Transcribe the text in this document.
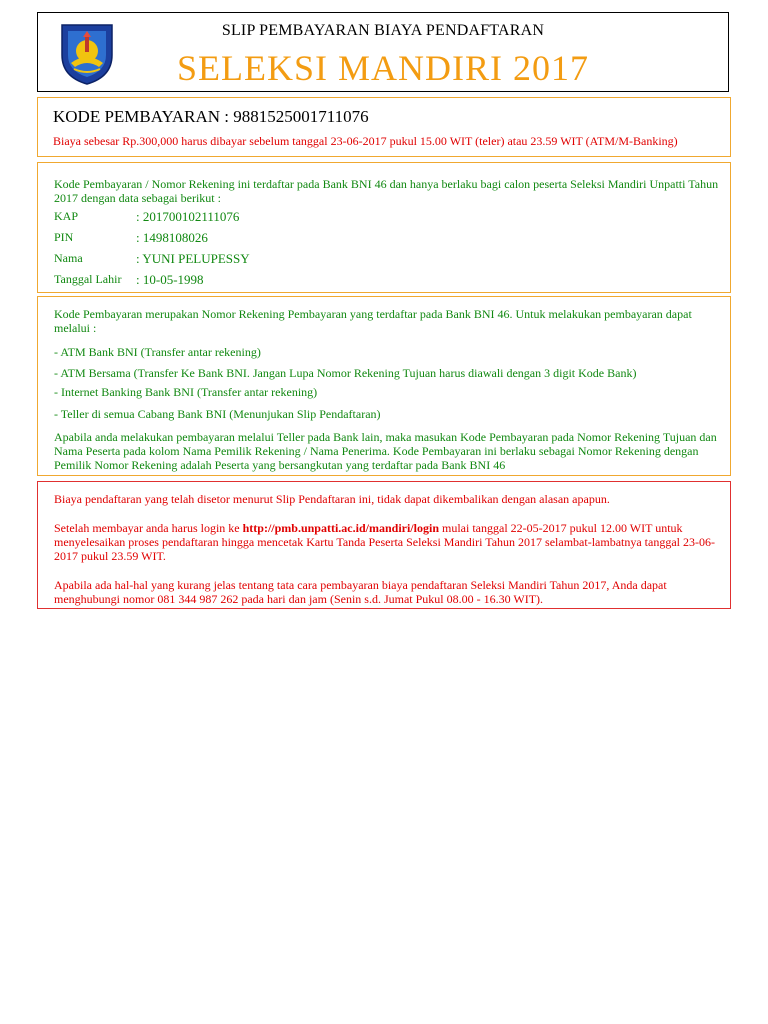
SLIP PEMBAYARAN BIAYA PENDAFTARAN
SELEKSI MANDIRI 2017
KODE PEMBAYARAN : 9881525001711076
Biaya sebesar Rp.300,000 harus dibayar sebelum tanggal 23-06-2017 pukul 15.00 WIT (teler) atau 23.59 WIT (ATM/M-Banking)
Kode Pembayaran / Nomor Rekening ini terdaftar pada Bank BNI 46 dan hanya berlaku bagi calon peserta Seleksi Mandiri Unpatti Tahun 2017 dengan data sebagai berikut :
KAP	: 201700102111076
PIN	: 1498108026
Nama	: YUNI PELUPESSY
Tanggal Lahir	: 10-05-1998
Kode Pembayaran merupakan Nomor Rekening Pembayaran yang terdaftar pada Bank BNI 46. Untuk melakukan pembayaran dapat melalui :
- ATM Bank BNI (Transfer antar rekening)
- ATM Bersama (Transfer Ke Bank BNI. Jangan Lupa Nomor Rekening Tujuan harus diawali dengan 3 digit Kode Bank)
- Internet Banking Bank BNI (Transfer antar rekening)
- Teller di semua Cabang Bank BNI (Menunjukan Slip Pendaftaran)
Apabila anda melakukan pembayaran melalui Teller pada Bank lain, maka masukan Kode Pembayaran pada Nomor Rekening Tujuan dan Nama Peserta pada kolom Nama Pemilik Rekening / Nama Penerima. Kode Pembayaran ini berlaku sebagai Nomor Rekening dengan Pemilik Nomor Rekening adalah Peserta yang bersangkutan yang terdaftar pada Bank BNI 46
Biaya pendaftaran yang telah disetor menurut Slip Pendaftaran ini, tidak dapat dikembalikan dengan alasan apapun.
Setelah membayar anda harus login ke http://pmb.unpatti.ac.id/mandiri/login mulai tanggal 22-05-2017 pukul 12.00 WIT untuk menyelesaikan proses pendaftaran hingga mencetak Kartu Tanda Peserta Seleksi Mandiri Tahun 2017 selambat-lambatnya tanggal 23-06-2017 pukul 23.59 WIT.
Apabila ada hal-hal yang kurang jelas tentang tata cara pembayaran biaya pendaftaran Seleksi Mandiri Tahun 2017, Anda dapat menghubungi nomor 081 344 987 262 pada hari dan jam (Senin s.d. Jumat Pukul 08.00 - 16.30 WIT).
